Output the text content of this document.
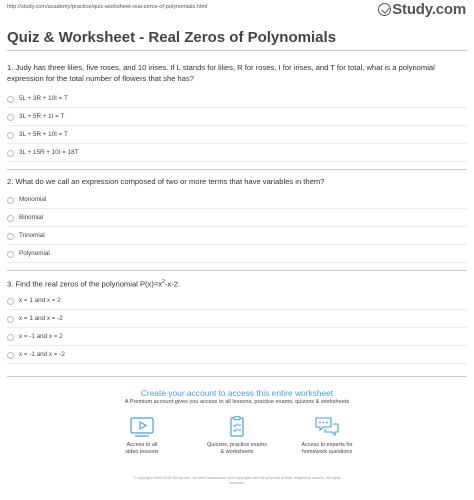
http://study.com/academy/practice/quiz-worksheet-real-zeros-of-polynomials.html	Study.com
Quiz & Worksheet - Real Zeros of Polynomials

1. Judy has three lilies, five roses, and 10 irises. If L stands for lilies, R for roses, I for irises, and T for total, what is a polynomial expression for the total number of flowers that she has?

5L + 3R + 10I = T
3L + 5R + 1I = T
3L + 5R + 10I = T
3L + 15R + 10I = 18T

2. What do we call an expression composed of two or more terms that have variables in them?

Monomial
Binomial
Trinomial
Polynomial

3. Find the real zeros of the polynomial $P(x)=x^2-x-2$.

x = 1 and x = 2
x = 1 and x = -2
x = -1 and x = 2
x = -1 and x = -2
Create your account to access this entire worksheet
A Premium account gives you access to all lessons, practice exams, quizzes & worksheets
Access to all
video lessons
Quizzes, practice exams
& worksheets
Access to experts for
homework questions
© copyright 2003-2020 Study.com. All other trademarks and copyrights are the property of their respective owners. All rights
reserved.
